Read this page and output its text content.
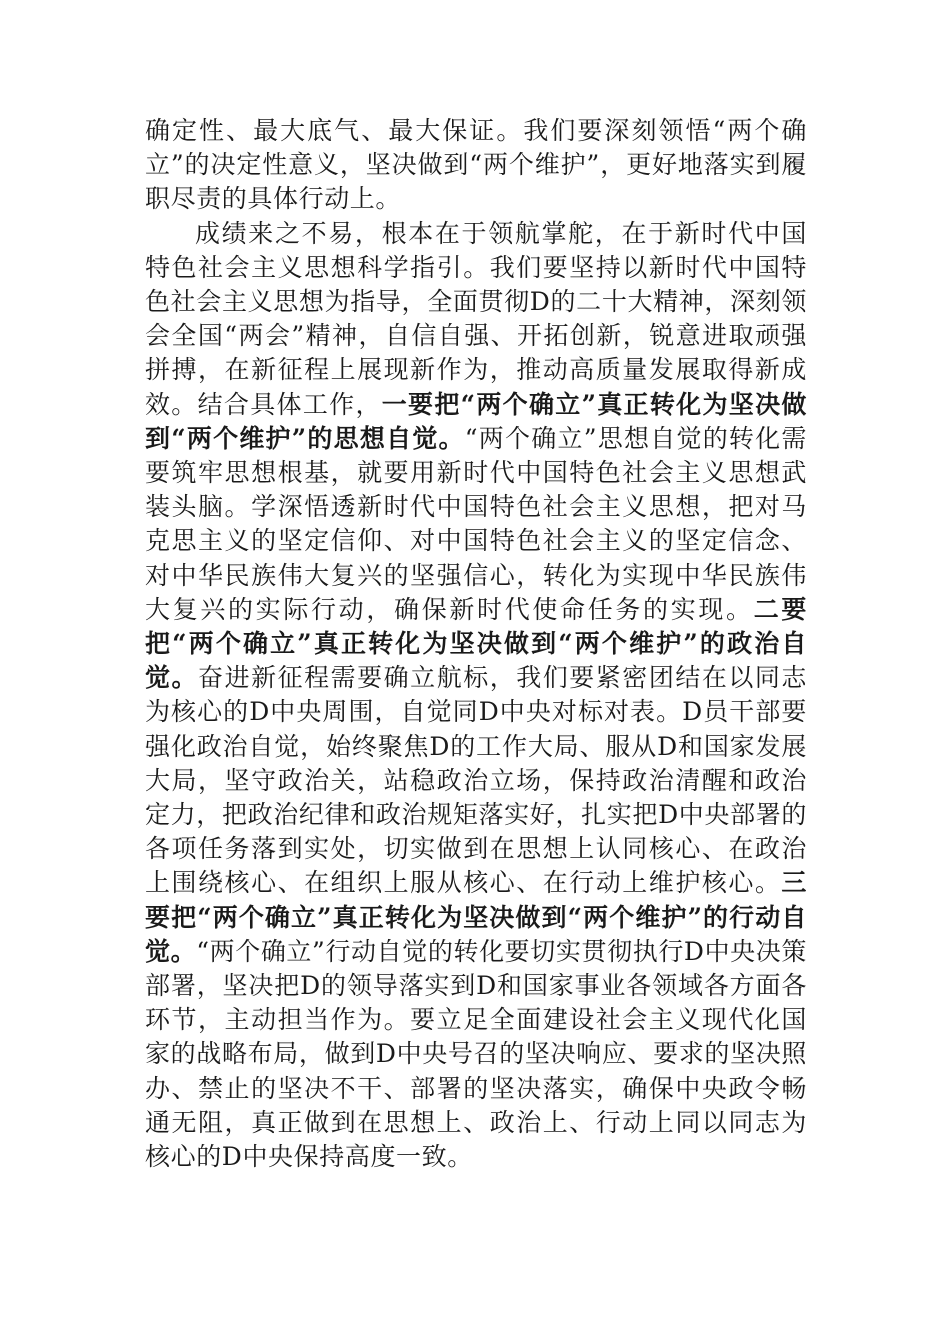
确定性、最大底气、最大保证。我们要深刻领悟“两个确立”的决定性意义，坚决做到“两个维护”，更好地落实到履职尽责的具体行动上。

成绩来之不易，根本在于领航掌舵，在于新时代中国特色社会主义思想科学指引。我们要坚持以新时代中国特色社会主义思想为指导，全面贯彻D的二十大精神，深刻领会全国“两会”精神，自信自强、开拓创新，锐意进取顽强拼搏，在新征程上展现新作为，推动高质量发展取得新成效。结合具体工作，一要把“两个确立”真正转化为坚决做到“两个维护”的思想自觉。“两个确立”思想自觉的转化需要筑牢思想根基，就要用新时代中国特色社会主义思想武装头脑。学深悟透新时代中国特色社会主义思想，把对马克思主义的坚定信仰、对中国特色社会主义的坚定信念、对中华民族伟大复兴的坚强信心，转化为实现中华民族伟大复兴的实际行动，确保新时代使命任务的实现。二要把“两个确立”真正转化为坚决做到“两个维护”的政治自觉。奋进新征程需要确立航标，我们要紧密团结在以同志为核心的D中央周围，自觉同D中央对标对表。D员干部要强化政治自觉，始终聚焦D的工作大局、服从D和国家发展大局，坚守政治关，站稳政治立场，保持政治清醒和政治定力，把政治纪律和政治规矩落实好，扎实把D中央部署的各项任务落到实处，切实做到在思想上认同核心、在政治上围绕核心、在组织上服从核心、在行动上维护核心。三要把“两个确立”真正转化为坚决做到“两个维护”的行动自觉。“两个确立”行动自觉的转化要切实贯彻执行D中央决策部署，坚决把D的领导落实到D和国家事业各领域各方面各环节，主动担当作为。要立足全面建设社会主义现代化国家的战略布局，做到D中央号召的坚决响应、要求的坚决照办、禁止的坚决不干、部署的坚决落实，确保中央政令畅通无阻，真正做到在思想上、政治上、行动上同以同志为核心的D中央保持高度一致。
